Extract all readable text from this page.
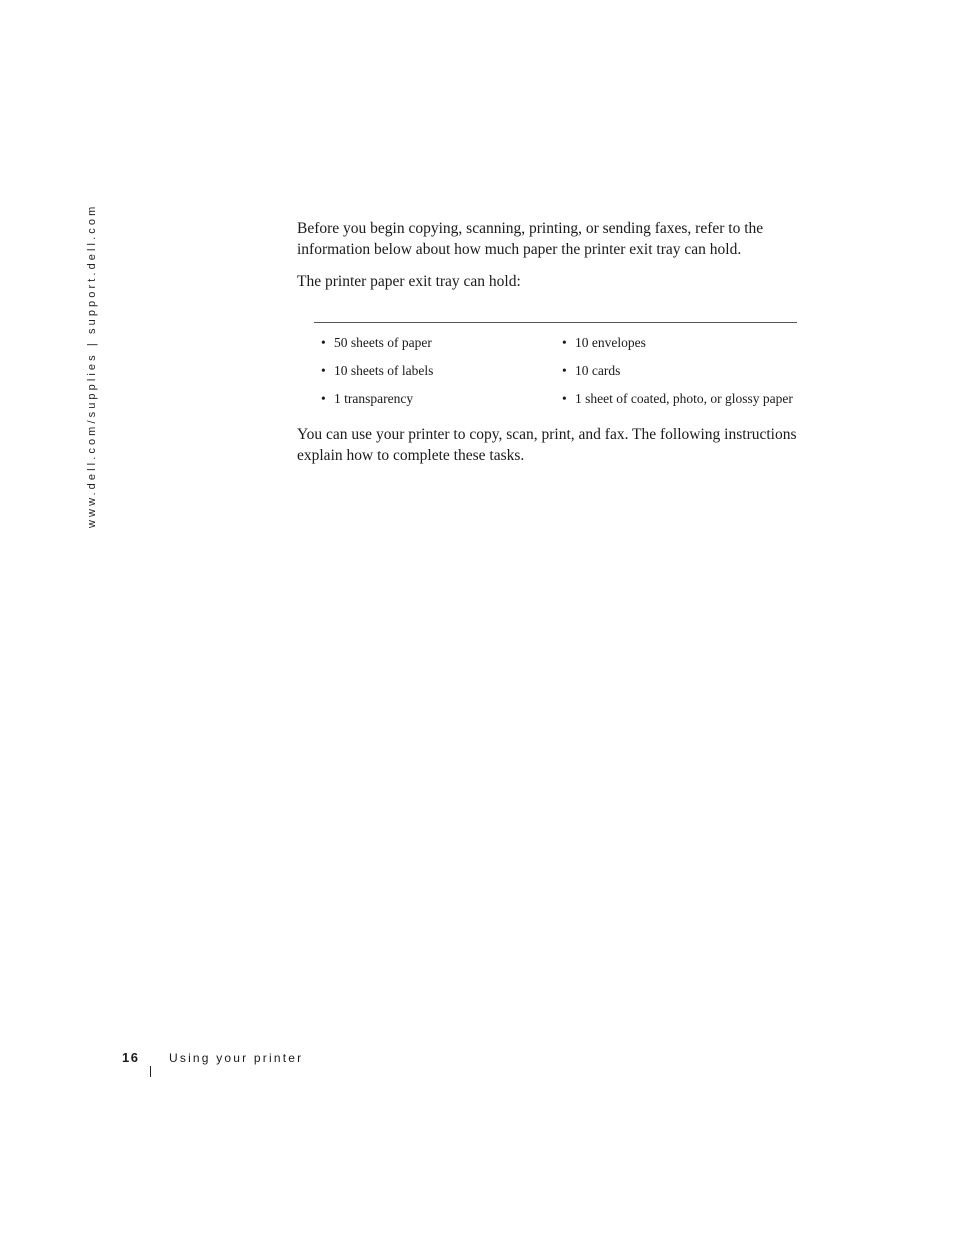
www.dell.com/supplies | support.dell.com	Before you begin copying, scanning, printing, or sending faxes, refer to the information below about how much paper the printer exit tray can hold.

The printer paper exit tray can hold:

• 50 sheets of paper	• 10 envelopes
• 10 sheets of labels	• 10 cards
• 1 transparency	• 1 sheet of coated, photo, or glossy paper

You can use your printer to copy, scan, print, and fax. The following instructions explain how to complete these tasks.

16 Using your printer
